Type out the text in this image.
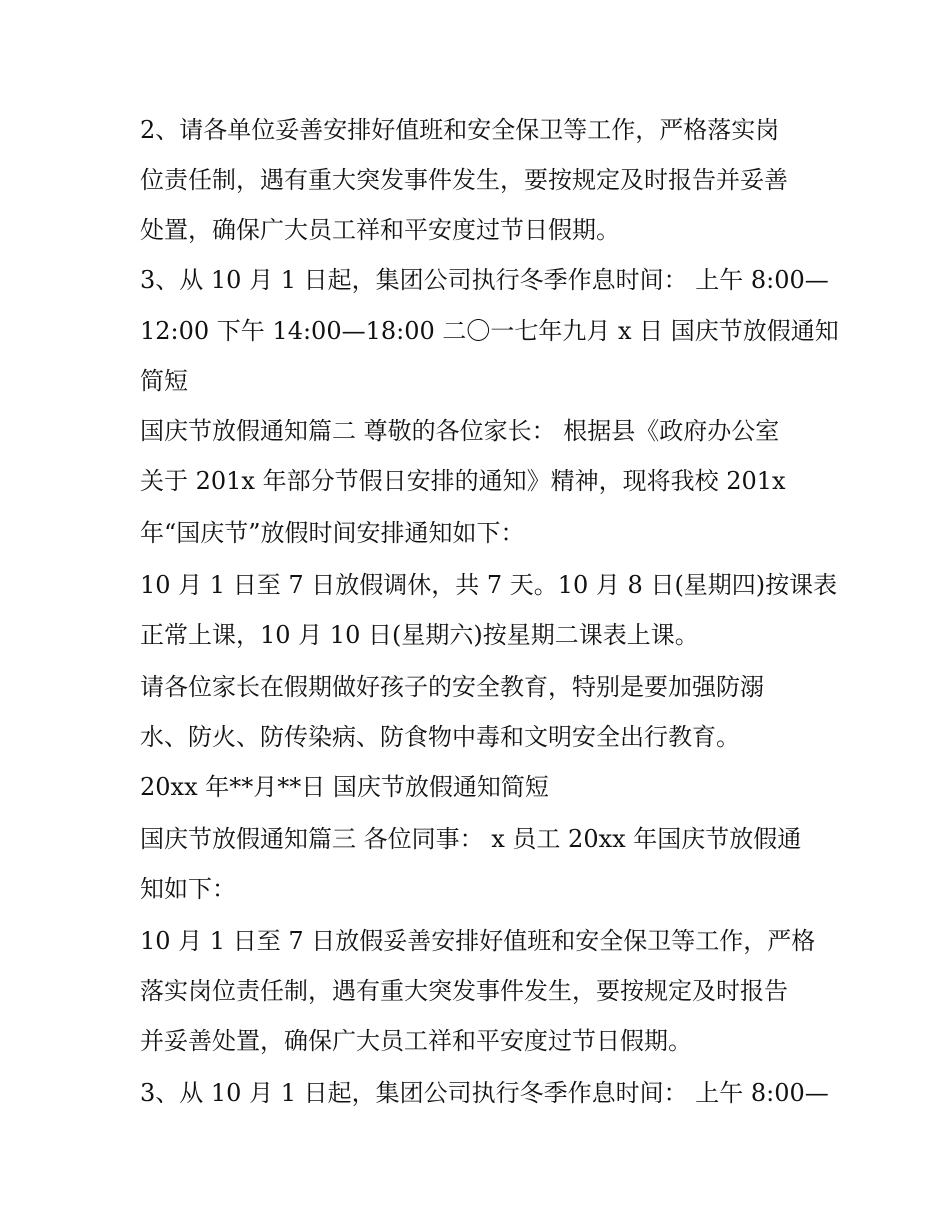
2、请各单位妥善安排好值班和安全保卫等工作，严格落实岗
位责任制，遇有重大突发事件发生，要按规定及时报告并妥善
处置，确保广大员工祥和平安度过节日假期。
3、从 10 月 1 日起，集团公司执行冬季作息时间： 上午 8:00—
12:00 下午 14:00—18:00 二〇一七年九月 x 日 国庆节放假通知
简短
国庆节放假通知篇二 尊敬的各位家长： 根据县《政府办公室
关于 201x 年部分节假日安排的通知》精神，现将我校 201x
年“国庆节”放假时间安排通知如下：
10 月 1 日至 7 日放假调休，共 7 天。10 月 8 日(星期四)按课表
正常上课，10 月 10 日(星期六)按星期二课表上课。
请各位家长在假期做好孩子的安全教育，特别是要加强防溺
水、防火、防传染病、防食物中毒和文明安全出行教育。
20xx 年**月**日 国庆节放假通知简短
国庆节放假通知篇三 各位同事： x 员工 20xx 年国庆节放假通
知如下：
10 月 1 日至 7 日放假妥善安排好值班和安全保卫等工作，严格
落实岗位责任制，遇有重大突发事件发生，要按规定及时报告
并妥善处置，确保广大员工祥和平安度过节日假期。
3、从 10 月 1 日起，集团公司执行冬季作息时间： 上午 8:00—
